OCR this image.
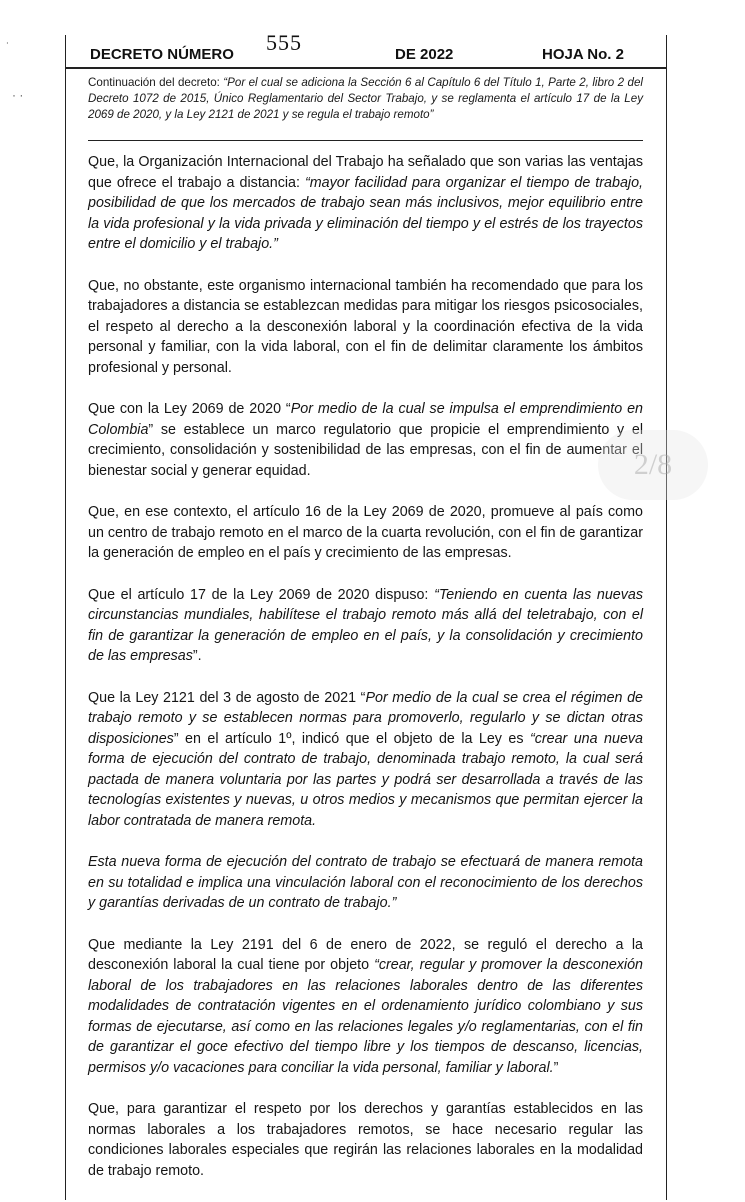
DECRETO NÚMERO 555	DE 2022	HOJA No. 2
Continuación del decreto: “Por el cual se adiciona la Sección 6 al Capítulo 6 del Título 1, Parte 2, libro 2 del Decreto 1072 de 2015, Único Reglamentario del Sector Trabajo, y se reglamenta el artículo 17 de la Ley 2069 de 2020, y la Ley 2121 de 2021 y se regula el trabajo remoto”

Que, la Organización Internacional del Trabajo ha señalado que son varias las ventajas que ofrece el trabajo a distancia: “mayor facilidad para organizar el tiempo de trabajo, posibilidad de que los mercados de trabajo sean más inclusivos, mejor equilibrio entre la vida profesional y la vida privada y eliminación del tiempo y el estrés de los trayectos entre el domicilio y el trabajo.”

Que, no obstante, este organismo internacional también ha recomendado que para los trabajadores a distancia se establezcan medidas para mitigar los riesgos psicosociales, el respeto al derecho a la desconexión laboral y la coordinación efectiva de la vida personal y familiar, con la vida laboral, con el fin de delimitar claramente los ámbitos profesional y personal.

Que con la Ley 2069 de 2020 “Por medio de la cual se impulsa el emprendimiento en Colombia” se establece un marco regulatorio que propicie el emprendimiento y el crecimiento, consolidación y sostenibilidad de las empresas, con el fin de aumentar el bienestar social y generar equidad.

Que, en ese contexto, el artículo 16 de la Ley 2069 de 2020, promueve al país como un centro de trabajo remoto en el marco de la cuarta revolución, con el fin de garantizar la generación de empleo en el país y crecimiento de las empresas.

Que el artículo 17 de la Ley 2069 de 2020 dispuso: “Teniendo en cuenta las nuevas circunstancias mundiales, habilítese el trabajo remoto más allá del teletrabajo, con el fin de garantizar la generación de empleo en el país, y la consolidación y crecimiento de las empresas”.

Que la Ley 2121 del 3 de agosto de 2021 “Por medio de la cual se crea el régimen de trabajo remoto y se establecen normas para promoverlo, regularlo y se dictan otras disposiciones” en el artículo 1º, indicó que el objeto de la Ley es “crear una nueva forma de ejecución del contrato de trabajo, denominada trabajo remoto, la cual será pactada de manera voluntaria por las partes y podrá ser desarrollada a través de las tecnologías existentes y nuevas, u otros medios y mecanismos que permitan ejercer la labor contratada de manera remota.

Esta nueva forma de ejecución del contrato de trabajo se efectuará de manera remota en su totalidad e implica una vinculación laboral con el reconocimiento de los derechos y garantías derivadas de un contrato de trabajo.”

Que mediante la Ley 2191 del 6 de enero de 2022, se reguló el derecho a la desconexión laboral la cual tiene por objeto “crear, regular y promover la desconexión laboral de los trabajadores en las relaciones laborales dentro de las diferentes modalidades de contratación vigentes en el ordenamiento jurídico colombiano y sus formas de ejecutarse, así como en las relaciones legales y/o reglamentarias, con el fin de garantizar el goce efectivo del tiempo libre y los tiempos de descanso, licencias, permisos y/o vacaciones para conciliar la vida personal, familiar y laboral.”

Que, para garantizar el respeto por los derechos y garantías establecidos en las normas laborales a los trabajadores remotos, se hace necesario regular las condiciones laborales especiales que regirán las relaciones laborales en la modalidad de trabajo remoto.

2/8
˙
· ·
